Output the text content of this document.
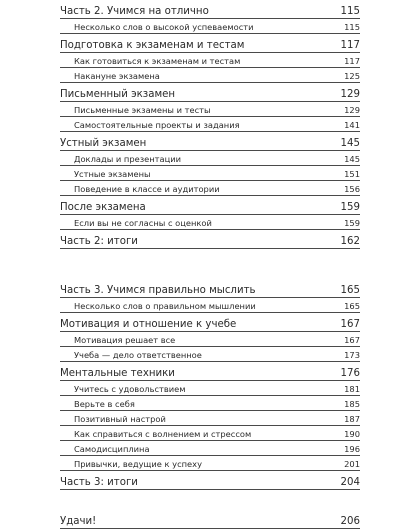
Часть 2. Учимся на отлично	115
Несколько слов о высокой успеваемости	115
Подготовка к экзаменам и тестам	117
Как готовиться к экзаменам и тестам	117
Накануне экзамена	125
Письменный экзамен	129
Письменные экзамены и тесты	129
Самостоятельные проекты и задания	141
Устный экзамен	145
Доклады и презентации	145
Устные экзамены	151
Поведение в классе и аудитории	156
После экзамена	159
Если вы не согласны с оценкой	159
Часть 2: итоги	162
Часть 3. Учимся правильно мыслить	165
Несколько слов о правильном мышлении	165
Мотивация и отношение к учебе	167
Мотивация решает все	167
Учеба — дело ответственное	173
Ментальные техники	176
Учитесь с удовольствием	181
Верьте в себя	185
Позитивный настрой	187
Как справиться с волнением и стрессом	190
Самодисциплина	196
Привычки, ведущие к успеху	201
Часть 3: итоги	204
Удачи!	206
